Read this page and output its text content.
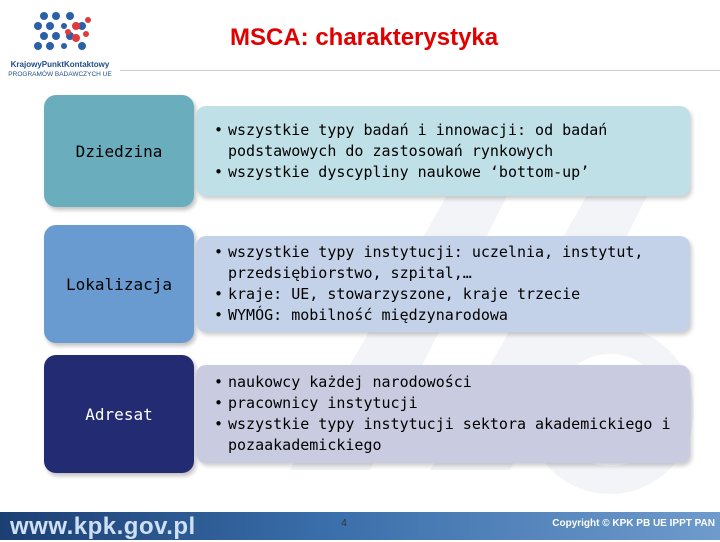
KrajowyPunktKontaktowy
PROGRAMÓW BADAWCZYCH UE
MSCA: charakterystyka
Dziedzina
• wszystkie typy badań i innowacji: od badań podstawowych do zastosowań rynkowych
• wszystkie dyscypliny naukowe ‘bottom-up’
Lokalizacja
• wszystkie typy instytucji: uczelnia, instytut, przedsiębiorstwo, szpital,…
• kraje: UE, stowarzyszone, kraje trzecie
• WYMÓG: mobilność międzynarodowa
Adresat
• naukowcy każdej narodowości
• pracownicy instytucji
• wszystkie typy instytucji sektora akademickiego i pozaakademickiego
www.kpk.gov.pl	4	Copyright © KPK PB UE IPPT PAN
